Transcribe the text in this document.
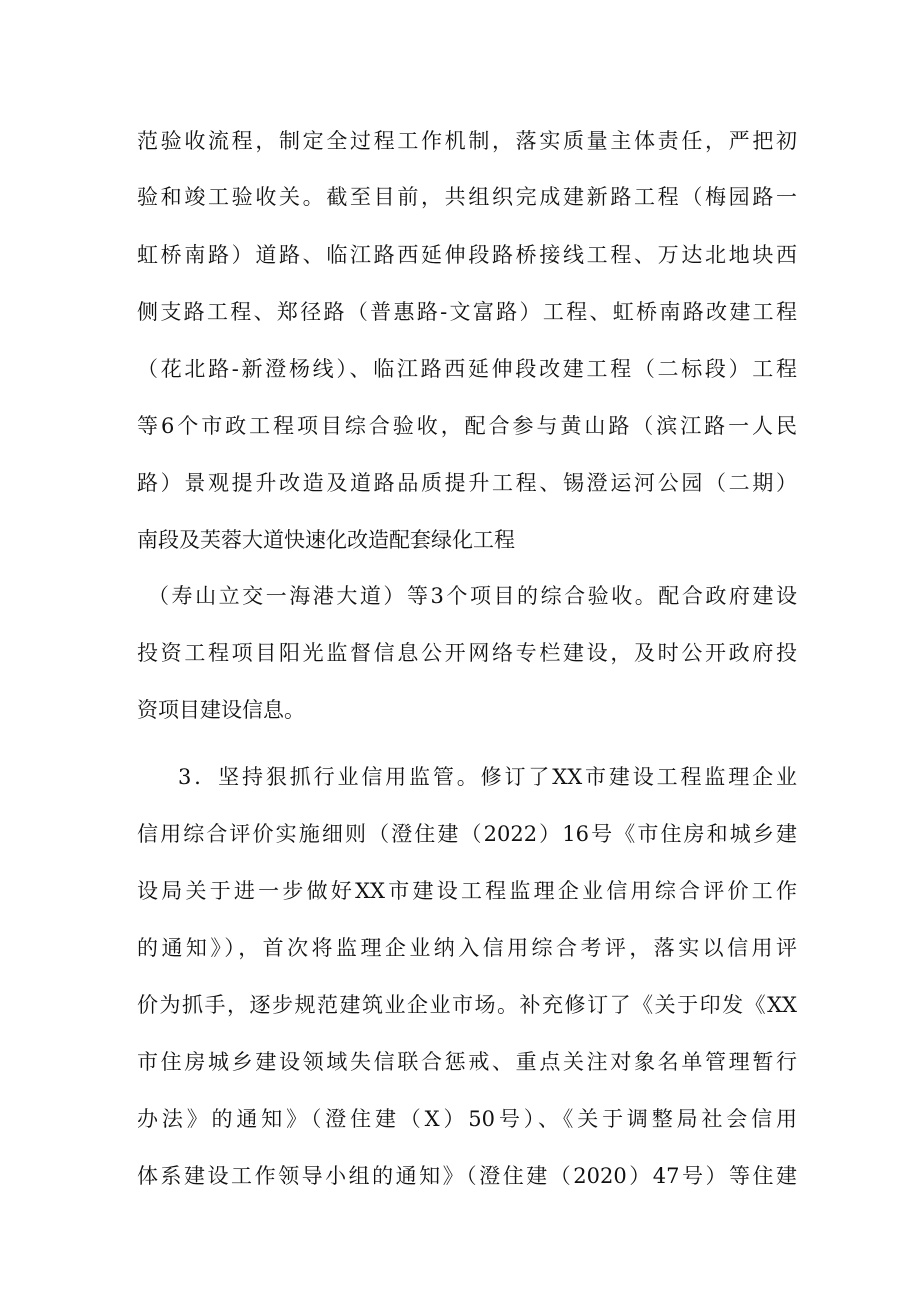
范验收流程，制定全过程工作机制，落实质量主体责任，严把初
验和竣工验收关。截至目前，共组织完成建新路工程（梅园路一
虹桥南路）道路、临江路西延伸段路桥接线工程、万达北地块西
侧支路工程、郑径路（普惠路-文富路）工程、虹桥南路改建工程
（花北路-新澄杨线）、临江路西延伸段改建工程（二标段）工程
等6个市政工程项目综合验收，配合参与黄山路（滨江路一人民
路）景观提升改造及道路品质提升工程、锡澄运河公园（二期）
南段及芙蓉大道快速化改造配套绿化工程
（寿山立交一海港大道）等3个项目的综合验收。配合政府建设
投资工程项目阳光监督信息公开网络专栏建设，及时公开政府投
资项目建设信息。
3．坚持狠抓行业信用监管。修订了XX市建设工程监理企业
信用综合评价实施细则（澄住建（2022）16号《市住房和城乡建
设局关于进一步做好XX市建设工程监理企业信用综合评价工作
的通知》），首次将监理企业纳入信用综合考评，落实以信用评
价为抓手，逐步规范建筑业企业市场。补充修订了《关于印发《XX
市住房城乡建设领域失信联合惩戒、重点关注对象名单管理暂行
办法》的通知》（澄住建（X）50号）、《关于调整局社会信用
体系建设工作领导小组的通知》（澄住建（2020）47号）等住建
